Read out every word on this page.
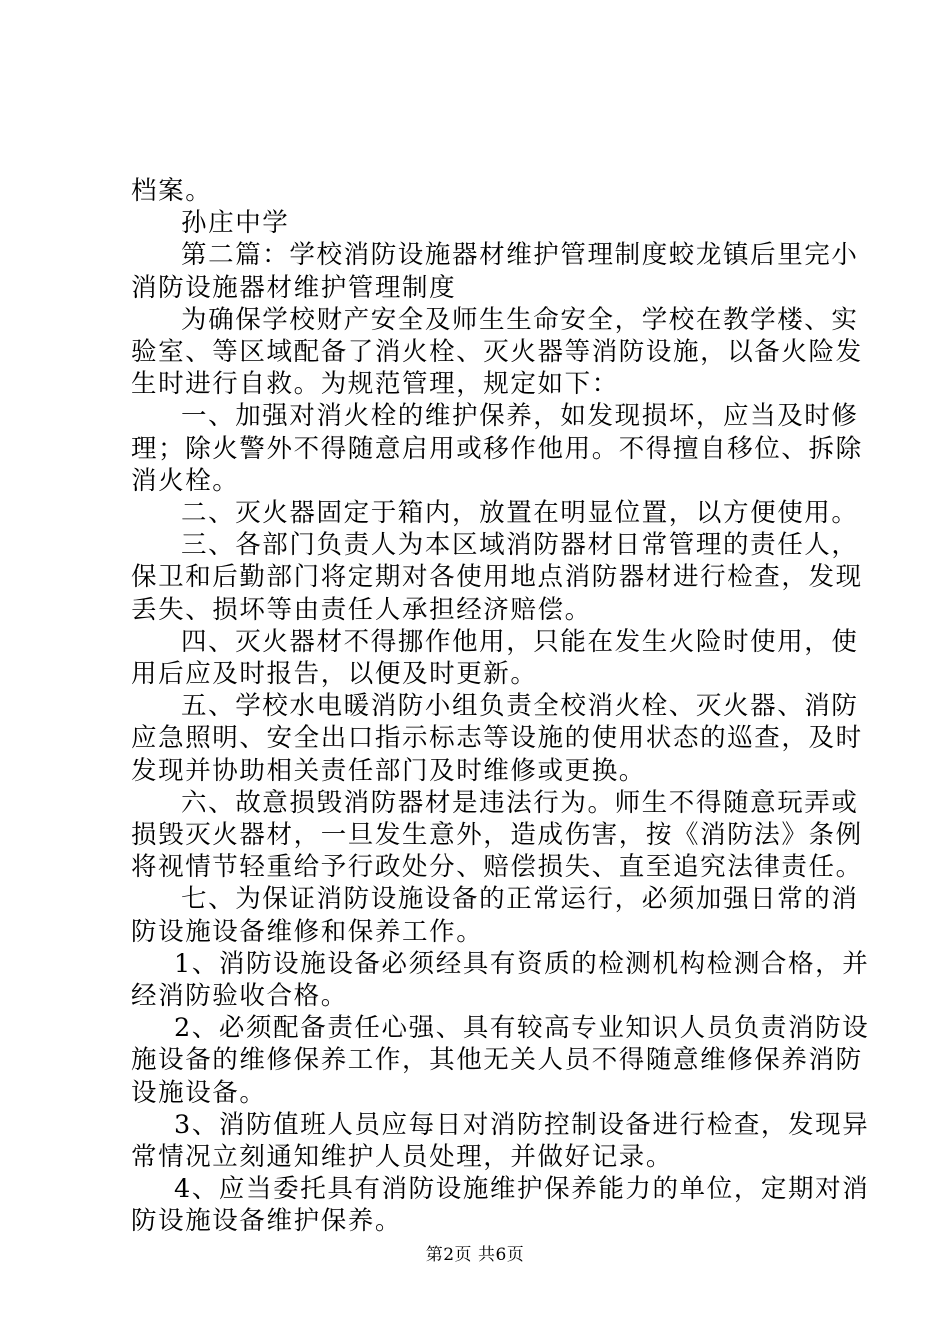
档案。
孙庄中学
第二篇：学校消防设施器材维护管理制度蛟龙镇后里完小
消防设施器材维护管理制度
为确保学校财产安全及师生生命安全，学校在教学楼、实
验室、等区域配备了消火栓、灭火器等消防设施，以备火险发
生时进行自救。为规范管理，规定如下：
一、加强对消火栓的维护保养，如发现损坏，应当及时修
理；除火警外不得随意启用或移作他用。不得擅自移位、拆除
消火栓。
二、灭火器固定于箱内，放置在明显位置，以方便使用。
三、各部门负责人为本区域消防器材日常管理的责任人，
保卫和后勤部门将定期对各使用地点消防器材进行检查，发现
丢失、损坏等由责任人承担经济赔偿。
四、灭火器材不得挪作他用，只能在发生火险时使用，使
用后应及时报告，以便及时更新。
五、学校水电暖消防小组负责全校消火栓、灭火器、消防
应急照明、安全出口指示标志等设施的使用状态的巡查，及时
发现并协助相关责任部门及时维修或更换。
六、故意损毁消防器材是违法行为。师生不得随意玩弄或
损毁灭火器材，一旦发生意外，造成伤害，按《消防法》条例
将视情节轻重给予行政处分、赔偿损失、直至追究法律责任。
七、为保证消防设施设备的正常运行，必须加强日常的消
防设施设备维修和保养工作。
1、消防设施设备必须经具有资质的检测机构检测合格，并
经消防验收合格。
2、必须配备责任心强、具有较高专业知识人员负责消防设
施设备的维修保养工作，其他无关人员不得随意维修保养消防
设施设备。
3、消防值班人员应每日对消防控制设备进行检查，发现异
常情况立刻通知维护人员处理，并做好记录。
4、应当委托具有消防设施维护保养能力的单位，定期对消
防设施设备维护保养。
第2页 共6页
